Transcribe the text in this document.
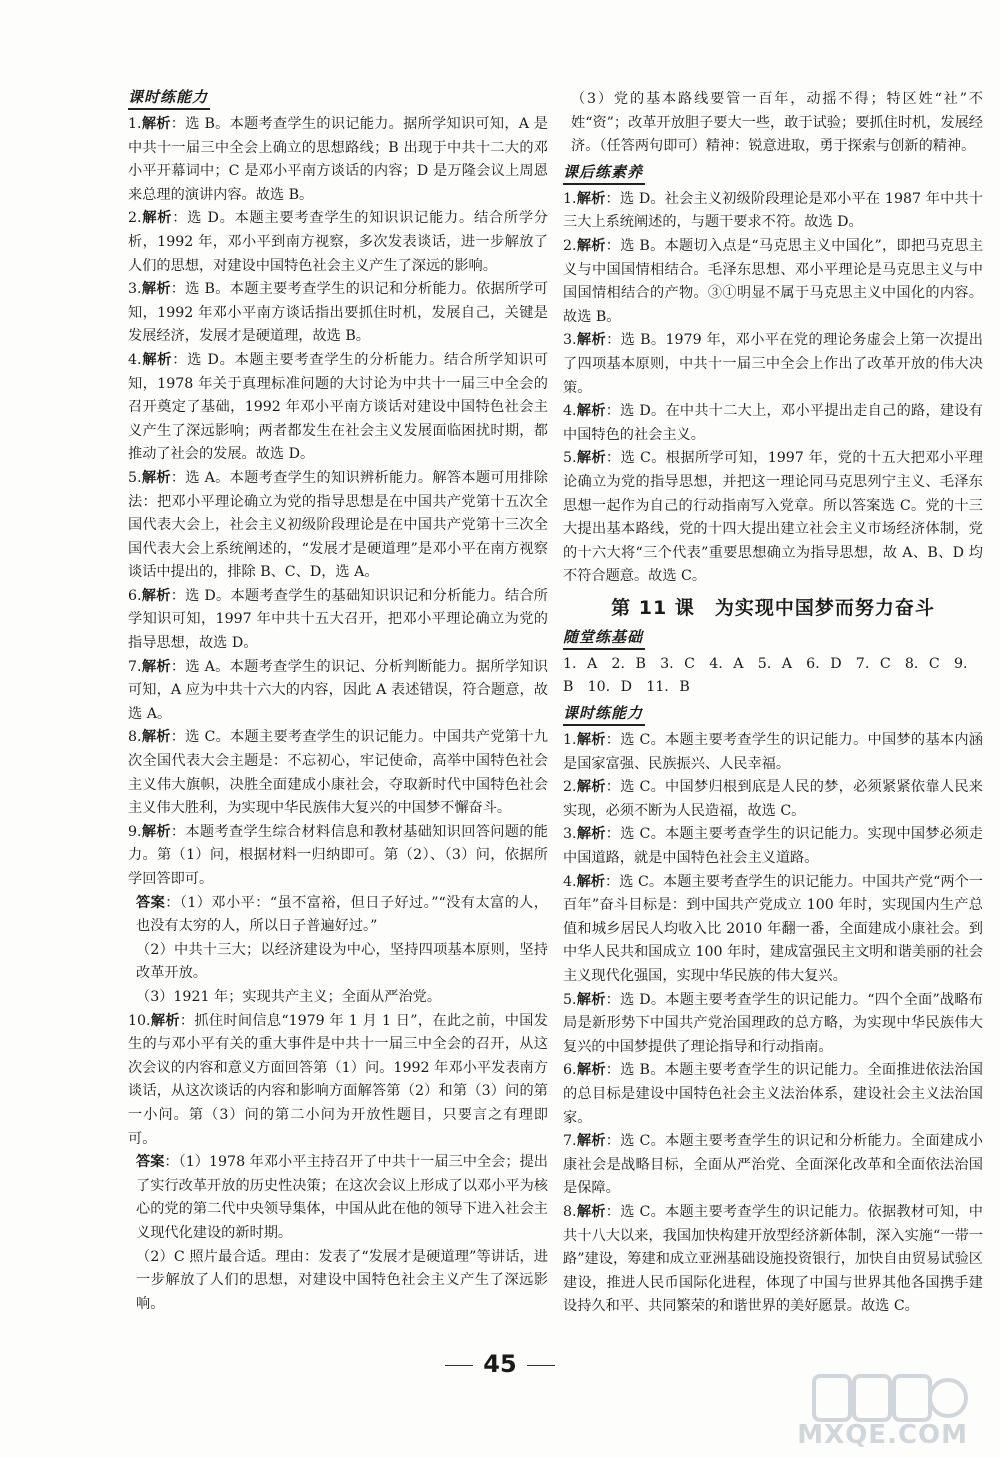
课时练能力

1.解析：选 B。本题考查学生的识记能力。据所学知识可知，A 是中共十一届三中全会上确立的思想路线；B 出现于中共十二大的邓小平开幕词中；C 是邓小平南方谈话的内容；D 是万隆会议上周恩来总理的演讲内容。故选 B。

2.解析：选 D。本题主要考查学生的知识识记能力。结合所学分析，1992 年，邓小平到南方视察，多次发表谈话，进一步解放了人们的思想，对建设中国特色社会主义产生了深远的影响。

3.解析：选 B。本题主要考查学生的识记和分析能力。依据所学可知，1992 年邓小平南方谈话指出要抓住时机，发展自己，关键是发展经济，发展才是硬道理，故选 B。

4.解析：选 D。本题主要考查学生的分析能力。结合所学知识可知，1978 年关于真理标准问题的大讨论为中共十一届三中全会的召开奠定了基础，1992 年邓小平南方谈话对建设中国特色社会主义产生了深远影响；两者都发生在社会主义发展面临困扰时期，都推动了社会的发展。故选 D。

5.解析：选 A。本题考查学生的知识辨析能力。解答本题可用排除法：把邓小平理论确立为党的指导思想是在中国共产党第十五次全国代表大会上，社会主义初级阶段理论是在中国共产党第十三次全国代表大会上系统阐述的，“发展才是硬道理”是邓小平在南方视察谈话中提出的，排除 B、C、D，选 A。

6.解析：选 D。本题考查学生的基础知识识记和分析能力。结合所学知识可知，1997 年中共十五大召开，把邓小平理论确立为党的指导思想，故选 D。

7.解析：选 A。本题考查学生的识记、分析判断能力。据所学知识可知，A 应为中共十六大的内容，因此 A 表述错误，符合题意，故选 A。

8.解析：选 C。本题主要考查学生的识记能力。中国共产党第十九次全国代表大会主题是：不忘初心，牢记使命，高举中国特色社会主义伟大旗帜，决胜全面建成小康社会，夺取新时代中国特色社会主义伟大胜利，为实现中华民族伟大复兴的中国梦不懈奋斗。

9.解析：本题考查学生综合材料信息和教材基础知识回答问题的能力。第（1）问，根据材料一归纳即可。第（2）、（3）问，依据所学回答即可。

答案：（1）邓小平：“虽不富裕，但日子好过。”“没有太富的人，也没有太穷的人，所以日子普遍好过。”

（2）中共十三大；以经济建设为中心，坚持四项基本原则，坚持改革开放。

（3）1921 年；实现共产主义；全面从严治党。

10.解析：抓住时间信息“1979 年 1 月 1 日”，在此之前，中国发生的与邓小平有关的重大事件是中共十一届三中全会的召开，从这次会议的内容和意义方面回答第（1）问。1992 年邓小平发表南方谈话，从这次谈话的内容和影响方面解答第（2）和第（3）问的第一小问。第（3）问的第二小问为开放性题目，只要言之有理即可。

答案：（1）1978 年邓小平主持召开了中共十一届三中全会；提出了实行改革开放的历史性决策；在这次会议上形成了以邓小平为核心的党的第二代中央领导集体，中国从此在他的领导下进入社会主义现代化建设的新时期。

（2）C 照片最合适。理由：发表了“发展才是硬道理”等讲话，进一步解放了人们的思想，对建设中国特色社会主义产生了深远影响。

（3）党的基本路线要管一百年，动摇不得；特区姓“社”不姓“资”；改革开放胆子要大一些，敢于试验；要抓住时机，发展经济。（任答两句即可）精神：锐意进取，勇于探索与创新的精神。

课后练素养

1.解析：选 D。社会主义初级阶段理论是邓小平在 1987 年中共十三大上系统阐述的，与题干要求不符。故选 D。

2.解析：选 B。本题切入点是“马克思主义中国化”，即把马克思主义与中国国情相结合。毛泽东思想、邓小平理论是马克思主义与中国国情相结合的产物。③①明显不属于马克思主义中国化的内容。故选 B。

3.解析：选 B。1979 年，邓小平在党的理论务虚会上第一次提出了四项基本原则，中共十一届三中全会上作出了改革开放的伟大决策。

4.解析：选 D。在中共十二大上，邓小平提出走自己的路，建设有中国特色的社会主义。

5.解析：选 C。根据所学可知，1997 年，党的十五大把邓小平理论确立为党的指导思想，并把这一理论同马克思列宁主义、毛泽东思想一起作为自己的行动指南写入党章。所以答案选 C。党的十三大提出基本路线，党的十四大提出建立社会主义市场经济体制，党的十六大将“三个代表”重要思想确立为指导思想，故 A、B、D 均不符合题意。故选 C。

第 11 课　为实现中国梦而努力奋斗
随堂练基础

1. A　2. B　3. C　4. A　5. A　6. D　7. C　8. C　9. B　10. D　11. B

课时练能力

1.解析：选 C。本题主要考查学生的识记能力。中国梦的基本内涵是国家富强、民族振兴、人民幸福。

2.解析：选 C。中国梦归根到底是人民的梦，必须紧紧依靠人民来实现，必须不断为人民造福，故选 C。

3.解析：选 C。本题主要考查学生的识记能力。实现中国梦必须走中国道路，就是中国特色社会主义道路。

4.解析：选 C。本题主要考查学生的识记能力。中国共产党“两个一百年”奋斗目标是：到中国共产党成立 100 年时，实现国内生产总值和城乡居民人均收入比 2010 年翻一番，全面建成小康社会。到中华人民共和国成立 100 年时，建成富强民主文明和谐美丽的社会主义现代化强国，实现中华民族的伟大复兴。

5.解析：选 D。本题主要考查学生的识记能力。“四个全面”战略布局是新形势下中国共产党治国理政的总方略，为实现中华民族伟大复兴的中国梦提供了理论指导和行动指南。

6.解析：选 B。本题主要考查学生的识记能力。全面推进依法治国的总目标是建设中国特色社会主义法治体系，建设社会主义法治国家。

7.解析：选 C。本题主要考查学生的识记和分析能力。全面建成小康社会是战略目标，全面从严治党、全面深化改革和全面依法治国是保障。

8.解析：选 C。本题主要考查学生的识记能力。依据教材可知，中共十八大以来，我国加快构建开放型经济新体制，深入实施“一带一路”建设，筹建和成立亚洲基础设施投资银行，加快自由贸易试验区建设，推进人民币国际化进程，体现了中国与世界其他各国携手建设持久和平、共同繁荣的和谐世界的美好愿景。故选 C。

45
MXQE.COM
